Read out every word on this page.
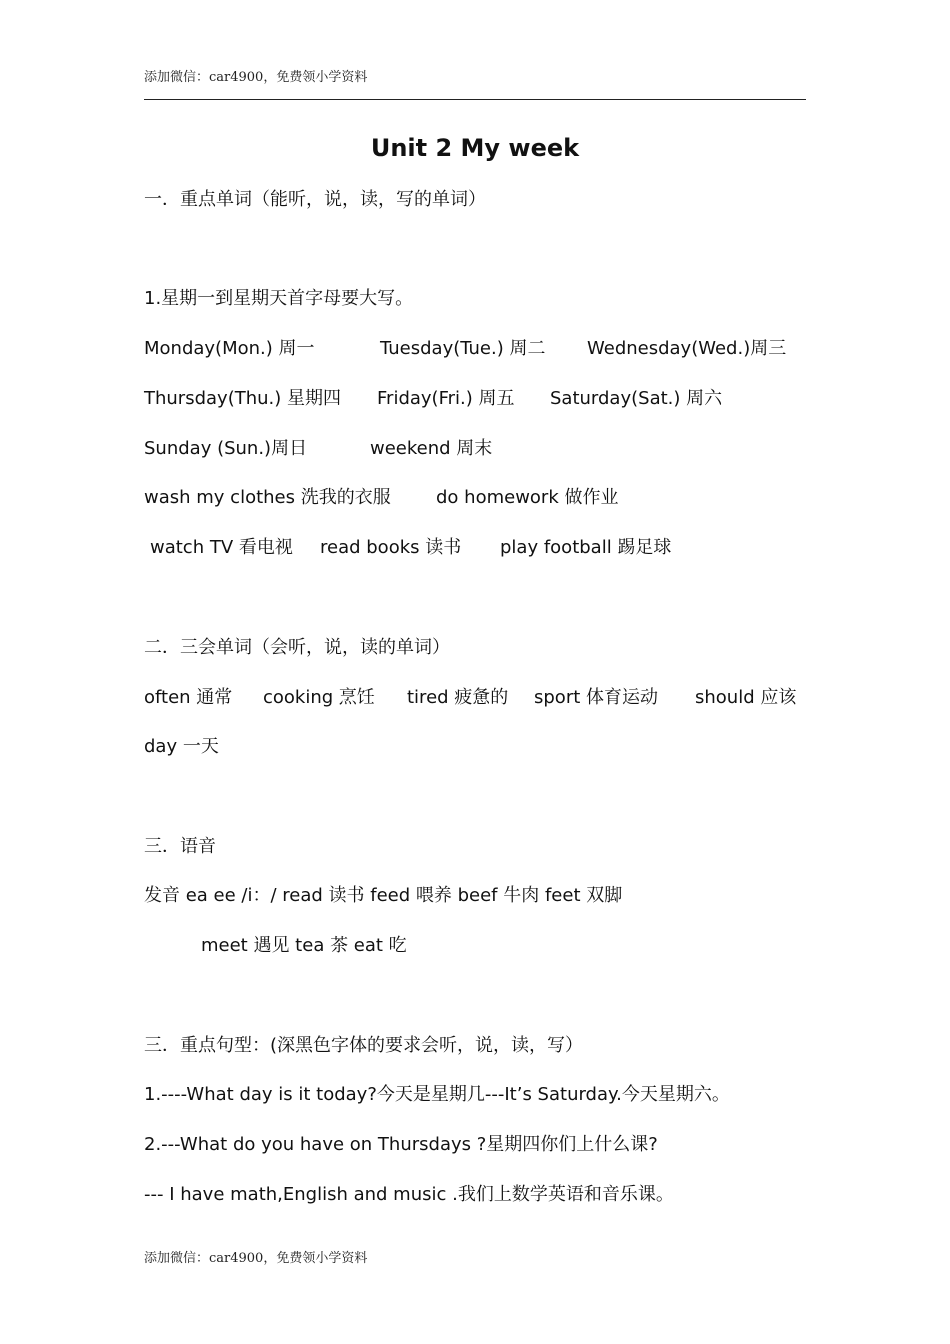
添加微信：car4900，免费领小学资料
Unit 2 My week
一．重点单词（能听，说，读，写的单词）
1.星期一到星期天首字母要大写。
Monday(Mon.) 周一	Tuesday(Tue.) 周二 Wednesday(Wed.)周三
Thursday(Thu.) 星期四 Friday(Fri.) 周五 Saturday(Sat.) 周六
Sunday (Sun.)周日	weekend 周末
wash my clothes 洗我的衣服	do homework 做作业
watch TV 看电视 read books 读书 play football 踢足球
二．三会单词（会听，说，读的单词）
often 通常 cooking 烹饪 tired 疲惫的 sport 体育运动 should 应该
day 一天
三．语音
发音 ea ee /i：/ read 读书 feed 喂养 beef 牛肉 feet 双脚
meet 遇见 tea 茶 eat 吃
三．重点句型：(深黑色字体的要求会听，说，读，写）
1.----What day is it today?今天是星期几---It’s Saturday.今天星期六。
2.---What do you have on Thursdays ?星期四你们上什么课?
--- I have math,English and music .我们上数学英语和音乐课。
添加微信：car4900，免费领小学资料
